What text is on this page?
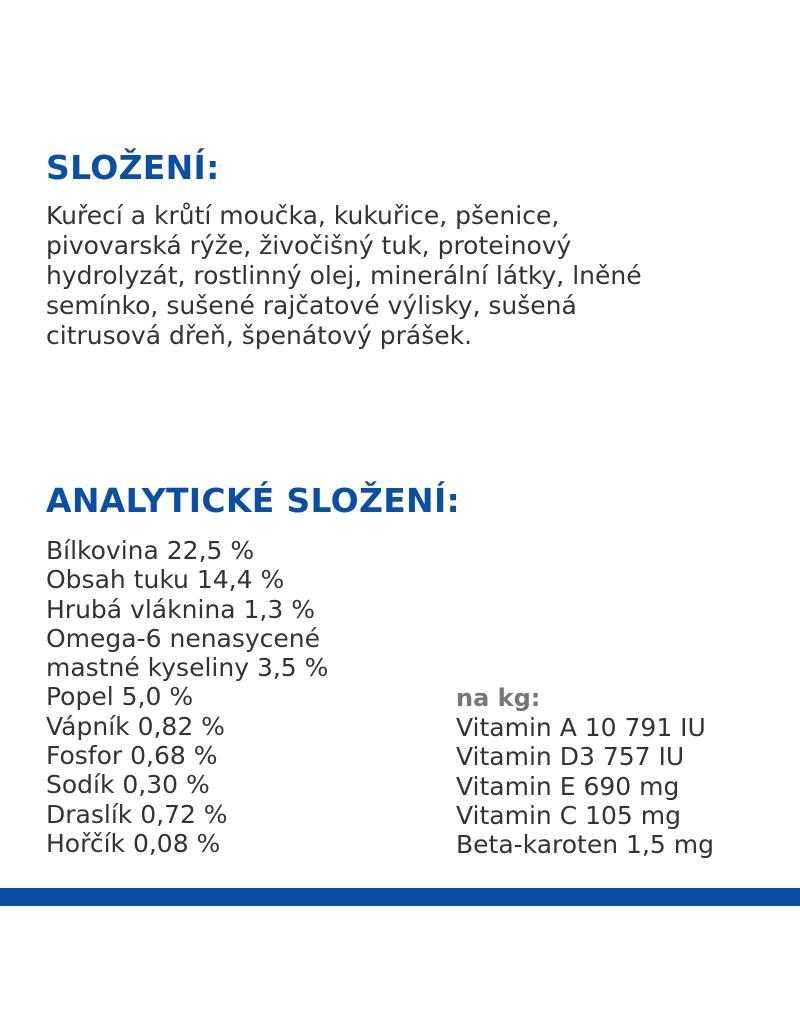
SLOŽENÍ:

Kuřecí a krůtí moučka, kukuřice, pšenice,
pivovarská rýže, živočišný tuk, proteinový
hydrolyzát, rostlinný olej, minerální látky, lněné
semínko, sušené rajčatové výlisky, sušená
citrusová dřeň, špenátový prášek.

ANALYTICKÉ SLOŽENÍ:
Bílkovina 22,5 %
Obsah tuku 14,4 %
Hrubá vláknina 1,3 %
Omega-6 nenasycené
mastné kyseliny 3,5 %
Popel 5,0 %
Vápník 0,82 %
Fosfor 0,68 %
Sodík 0,30 %
Draslík 0,72 %
Hořčík 0,08 %

na kg:

Vitamin A 10 791 IU
Vitamin D3 757 IU
Vitamin E 690 mg
Vitamin C 105 mg
Beta-karoten 1,5 mg
